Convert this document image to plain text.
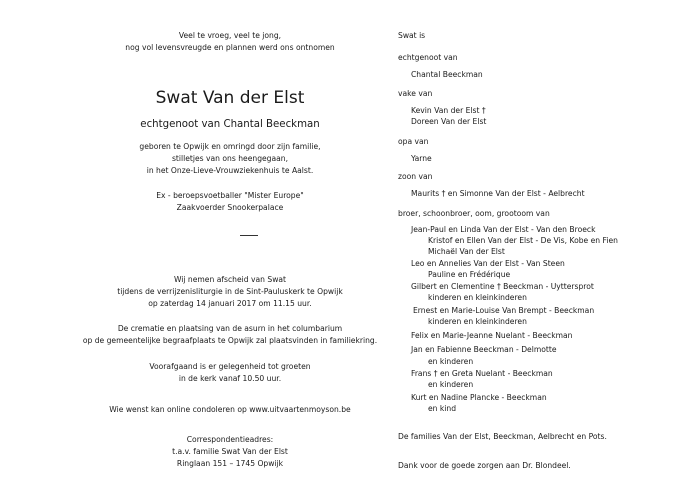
Veel te vroeg, veel te jong,
nog vol levensvreugde en plannen werd ons ontnomen
Swat Van der Elst
echtgenoot van Chantal Beeckman
geboren te Opwijk en omringd door zijn familie,
stilletjes van ons heengegaan,
in het Onze-Lieve-Vrouwziekenhuis te Aalst.
Ex - beroepsvoetballer "Mister Europe"
Zaakvoerder Snookerpalace
Wij nemen afscheid van Swat
tijdens de verrijzenisliturgie in de Sint-Pauluskerk te Opwijk
op zaterdag 14 januari 2017 om 11.15 uur.
De crematie en plaatsing van de asurn in het columbarium
op de gemeentelijke begraafplaats te Opwijk zal plaatsvinden in familiekring.
Voorafgaand is er gelegenheid tot groeten
in de kerk vanaf 10.50 uur.
Wie wenst kan online condoleren op www.uitvaartenmoyson.be
Correspondentieadres:
t.a.v. familie Swat Van der Elst
Ringlaan 151 – 1745 Opwijk
Swat is
echtgenoot van
Chantal Beeckman
vake van
Kevin Van der Elst †
Doreen Van der Elst
opa van
Yarne
zoon van
Maurits † en Simonne Van der Elst - Aelbrecht
broer, schoonbroer, oom, grootoom van
Jean-Paul en Linda Van der Elst - Van den Broeck
Kristof en Ellen Van der Elst - De Vis, Kobe en Fien
Michaël Van der Elst
Leo en Annelies Van der Elst - Van Steen
Pauline en Frédérique
Gilbert en Clementine † Beeckman - Uyttersprot
kinderen en kleinkinderen
Ernest en Marie-Louise Van Brempt - Beeckman
kinderen en kleinkinderen
Felix en Marie-Jeanne Nuelant - Beeckman
Jan en Fabienne Beeckman - Delmotte
en kinderen
Frans † en Greta Nuelant - Beeckman
en kinderen
Kurt en Nadine Plancke - Beeckman
en kind
De families Van der Elst, Beeckman, Aelbrecht en Pots.
Dank voor de goede zorgen aan Dr. Blondeel.
